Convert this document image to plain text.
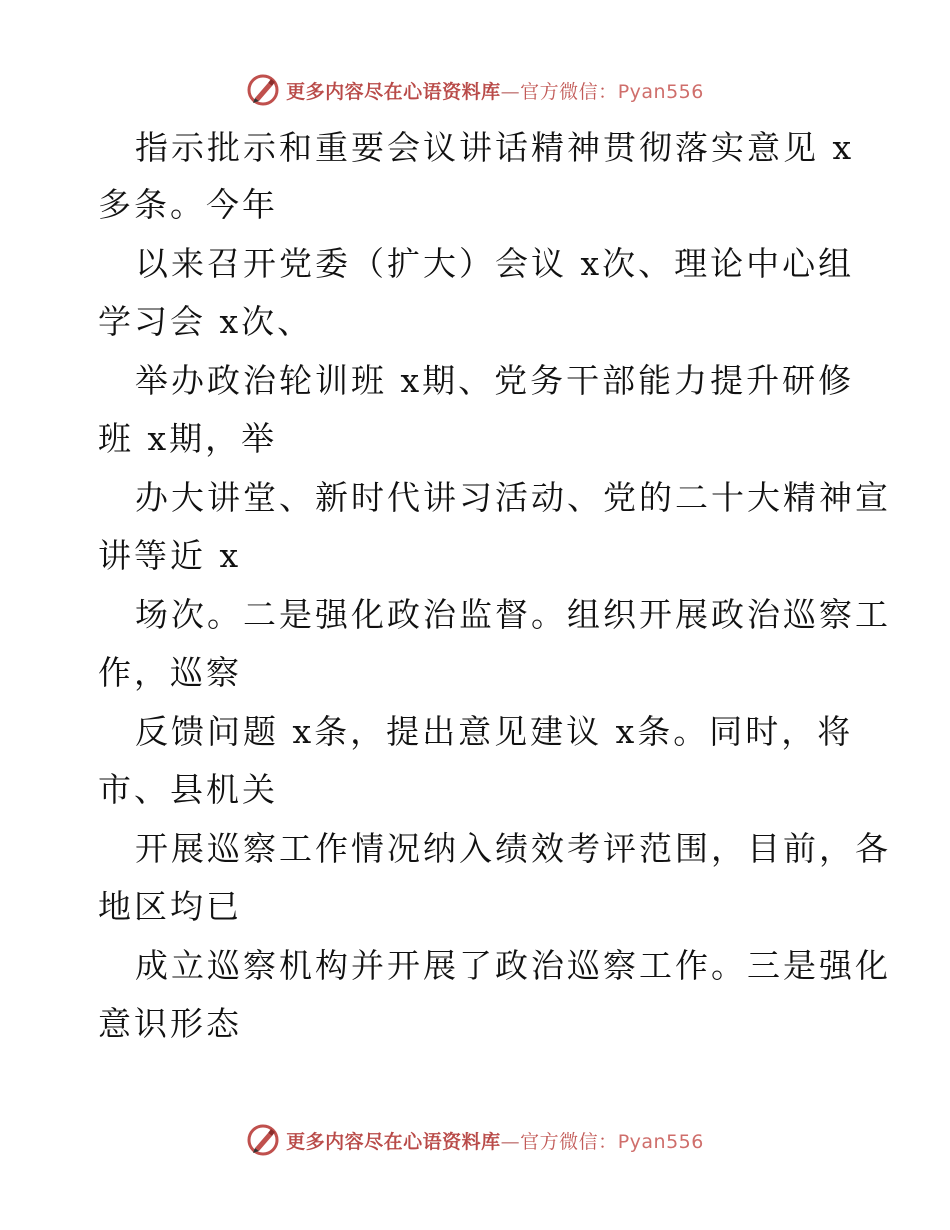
更多内容尽在心语资料库—官方微信：Pyan556
指示批示和重要会议讲话精神贯彻落实意见 x
多条。今年
以来召开党委（扩大）会议 x次、理论中心组
学习会 x次、
举办政治轮训班 x期、党务干部能力提升研修
班 x期，举
办大讲堂、新时代讲习活动、党的二十大精神宣
讲等近 x
场次。二是强化政治监督。组织开展政治巡察工
作，巡察
反馈问题 x条，提出意见建议 x条。同时，将
市、县机关
开展巡察工作情况纳入绩效考评范围，目前，各
地区均已
成立巡察机构并开展了政治巡察工作。三是强化
意识形态
更多内容尽在心语资料库—官方微信：Pyan556
